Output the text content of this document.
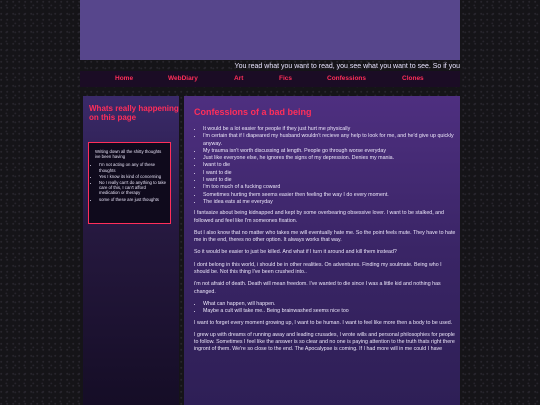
You read what you want to read, you see what you want to see. So if you
Home	WebDiary	Art	Fics	Confessions	Clones
Whats really happening on this page

Writing down all the shitty thoughts ive been having

• I'm not acting on any of these thoughts
• Yes I know its kind of concerning
• No I really can't do anything to take care of this, I can't afford medication or therapy
• some of these are just thoughts
Confessions of a bad being
• It would be a lot easier for people if they just hurt me physically
• I'm certain that if I diapeared my husband wouldn't recieve any help to look for me, and he'd give up quickly anyway.
• My trauma isn't worth discussing at length. People go through worse everyday
• Just like everyone else, he ignores the signs of my depression. Denies my mania.
• Iwant to die
• I want to die
• I want to die
• I'm too much of a fucking coward
• Sometimes hurting them seems easier then feeling the way I do every moment.
• The idea eats at me everyday

I fantasize about being kidnapped and kept by some overbearing obsessive lover. I want to be stalked, and followed and feel like I'm someones fixation.

But I also know that no matter who takes me will eventually hate me. So the point feels mute. They have to hate me in the end, theres no other option. It always works that way.

So it would be easier to just be killed. And what if I turn it around and kill them instead?

I dont belong in this world, i should be in other realities. On adventures. Finding my soulmate. Being who I should be. Not this thing I've been crushed into..

i'm not afraid of death. Death will mean freedom. I've wanted to die since I was a little kid and nothing has changed.

• What can happen, will happen.
• Maybe a cult will take me.. Being brainwashed seems nice too

I want to forget every moment growing up, I want to be human. I want to feel like more then a body to be used.

I grew up with dreams of running away and leading crusades, I wrote wills and personal philosophies for people to follow. Sometimes I feel like the answer is so clear and no one is paying attention to the truth thats right there ingront of them. We're so close to the end. The Apocalypse is coming. If I had more will in me could I have
